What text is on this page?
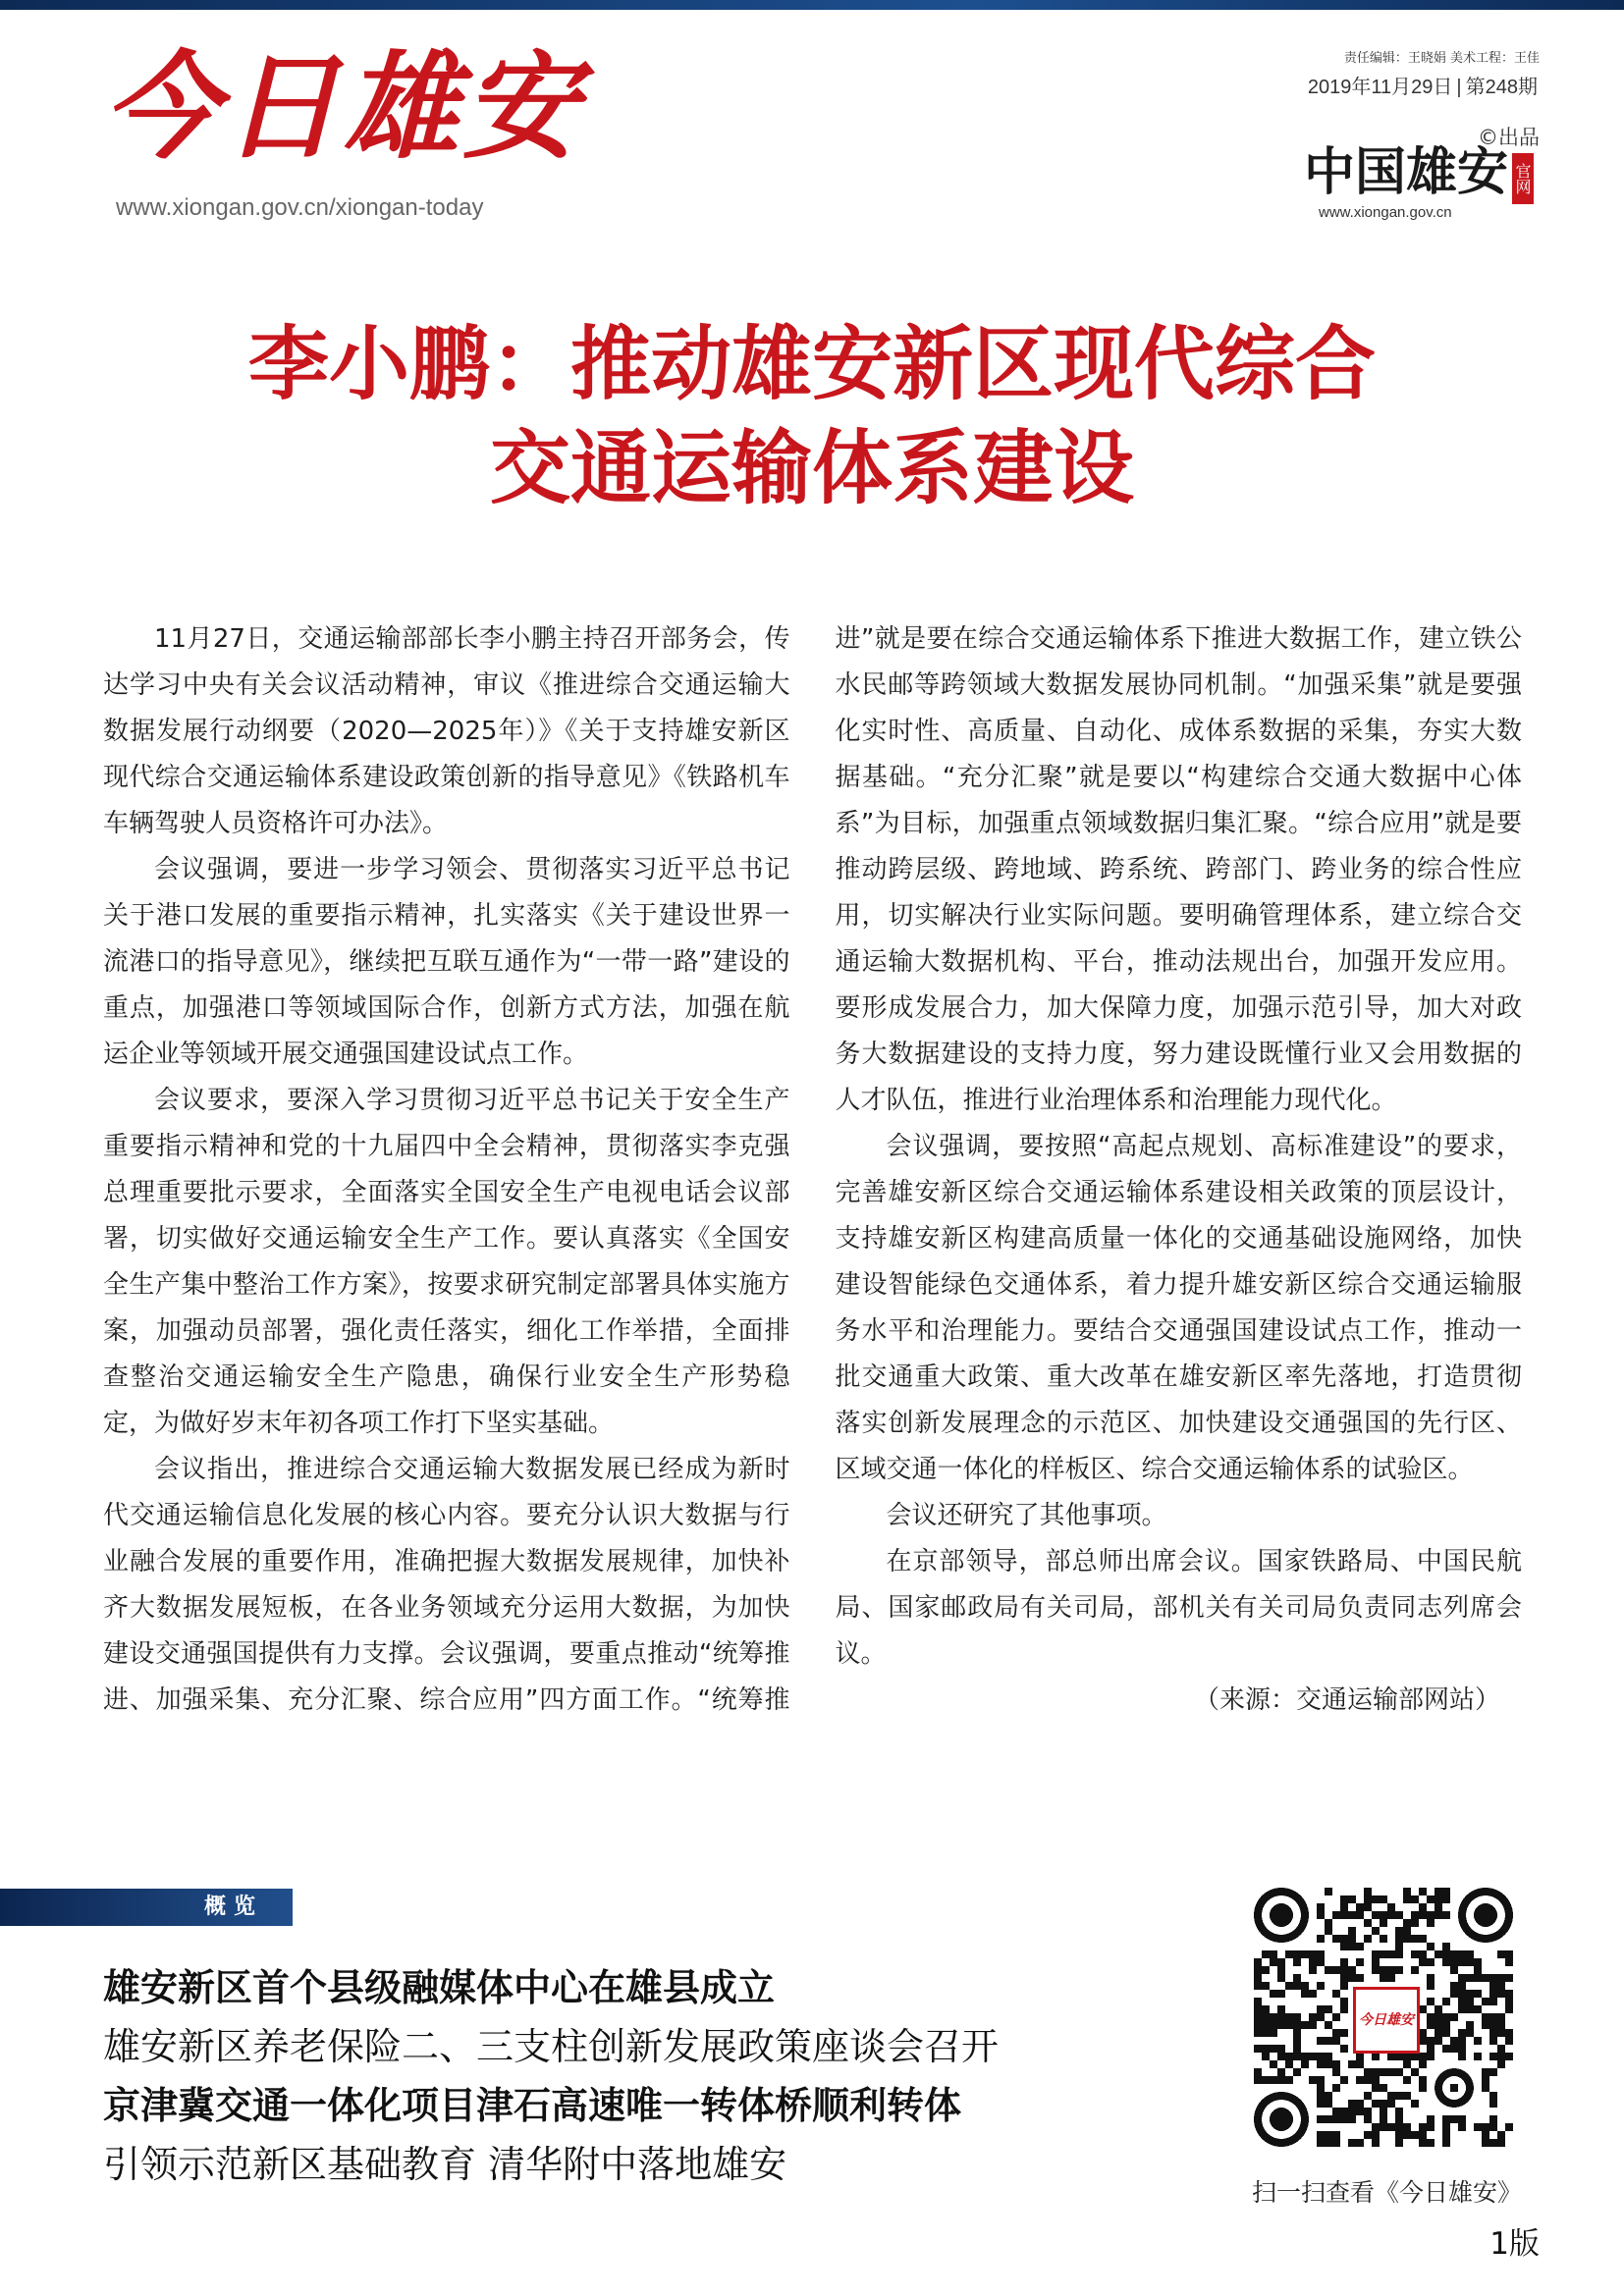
今日雄安
www.xiongan.gov.cn/xiongan-today
责任编辑：王晓娟 美术工程：王佳
2019年11月29日 | 第248期
©出品
中国雄安 官网
www.xiongan.gov.cn
李小鹏：推动雄安新区现代综合
交通运输体系建设

11月27日，交通运输部部长李小鹏主持召开部务会，传达学习中央有关会议活动精神，审议《推进综合交通运输大数据发展行动纲要（2020—2025年）》《关于支持雄安新区现代综合交通运输体系建设政策创新的指导意见》《铁路机车车辆驾驶人员资格许可办法》。

会议强调，要进一步学习领会、贯彻落实习近平总书记关于港口发展的重要指示精神，扎实落实《关于建设世界一流港口的指导意见》，继续把互联互通作为“一带一路”建设的重点，加强港口等领域国际合作，创新方式方法，加强在航运企业等领域开展交通强国建设试点工作。

会议要求，要深入学习贯彻习近平总书记关于安全生产重要指示精神和党的十九届四中全会精神，贯彻落实李克强总理重要批示要求，全面落实全国安全生产电视电话会议部署，切实做好交通运输安全生产工作。要认真落实《全国安全生产集中整治工作方案》，按要求研究制定部署具体实施方案，加强动员部署，强化责任落实，细化工作举措，全面排查整治交通运输安全生产隐患，确保行业安全生产形势稳定，为做好岁末年初各项工作打下坚实基础。

会议指出，推进综合交通运输大数据发展已经成为新时代交通运输信息化发展的核心内容。要充分认识大数据与行业融合发展的重要作用，准确把握大数据发展规律，加快补齐大数据发展短板，在各业务领域充分运用大数据，为加快建设交通强国提供有力支撑。会议强调，要重点推动“统筹推进、加强采集、充分汇聚、综合应用”四方面工作。“统筹推进”就是要在综合交通运输体系下推进大数据工作，建立铁公水民邮等跨领域大数据发展协同机制。“加强采集”就是要强化实时性、高质量、自动化、成体系数据的采集，夯实大数据基础。“充分汇聚”就是要以“构建综合交通大数据中心体系”为目标，加强重点领域数据归集汇聚。“综合应用”就是要推动跨层级、跨地域、跨系统、跨部门、跨业务的综合性应用，切实解决行业实际问题。要明确管理体系，建立综合交通运输大数据机构、平台，推动法规出台，加强开发应用。要形成发展合力，加大保障力度，加强示范引导，加大对政务大数据建设的支持力度，努力建设既懂行业又会用数据的人才队伍，推进行业治理体系和治理能力现代化。

会议强调，要按照“高起点规划、高标准建设”的要求，完善雄安新区综合交通运输体系建设相关政策的顶层设计，支持雄安新区构建高质量一体化的交通基础设施网络，加快建设智能绿色交通体系，着力提升雄安新区综合交通运输服务水平和治理能力。要结合交通强国建设试点工作，推动一批交通重大政策、重大改革在雄安新区率先落地，打造贯彻落实创新发展理念的示范区、加快建设交通强国的先行区、区域交通一体化的样板区、综合交通运输体系的试验区。

会议还研究了其他事项。

在京部领导，部总师出席会议。国家铁路局、中国民航局、国家邮政局有关司局，部机关有关司局负责同志列席会议。

（来源：交通运输部网站）

概览
雄安新区首个县级融媒体中心在雄县成立
雄安新区养老保险二、三支柱创新发展政策座谈会召开
京津冀交通一体化项目津石高速唯一转体桥顺利转体
引领示范新区基础教育 清华附中落地雄安
今日雄安
扫一扫查看《今日雄安》
1版
